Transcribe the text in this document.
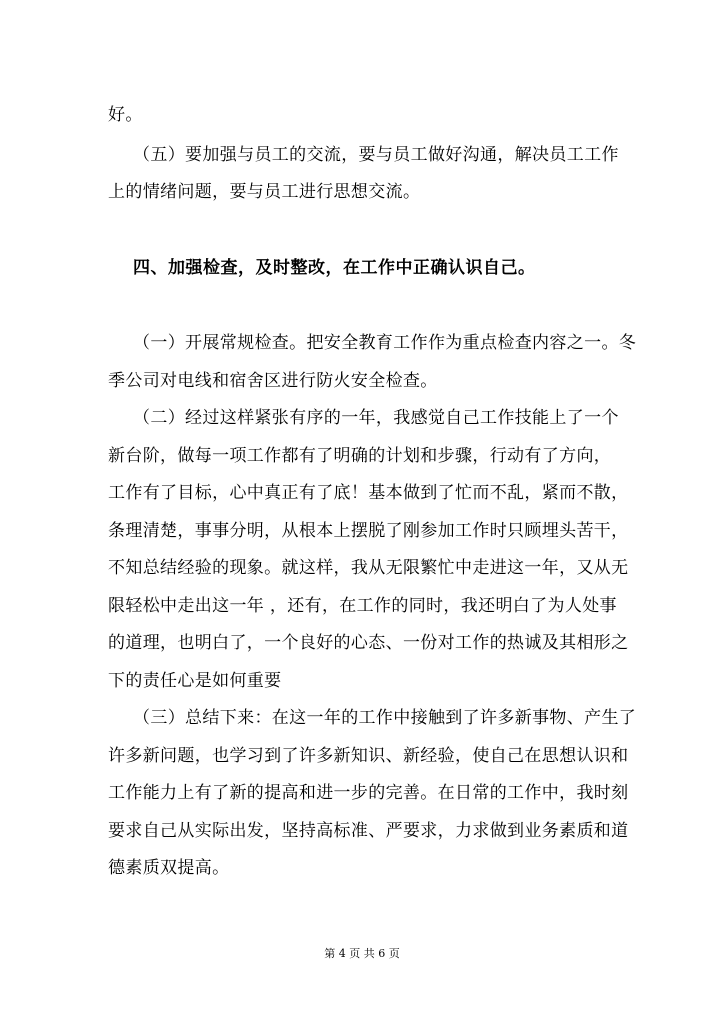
好。
（五）要加强与员工的交流，要与员工做好沟通，解决员工工作
上的情绪问题，要与员工进行思想交流。
四、加强检查，及时整改，在工作中正确认识自己。
（一）开展常规检查。把安全教育工作作为重点检查内容之一。冬
季公司对电线和宿舍区进行防火安全检查。
（二）经过这样紧张有序的一年，我感觉自己工作技能上了一个
新台阶，做每一项工作都有了明确的计划和步骤，行动有了方向，
工作有了目标，心中真正有了底！基本做到了忙而不乱，紧而不散，
条理清楚，事事分明，从根本上摆脱了刚参加工作时只顾埋头苦干，
不知总结经验的现象。就这样，我从无限繁忙中走进这一年，又从无
限轻松中走出这一年 ，还有，在工作的同时，我还明白了为人处事
的道理，也明白了，一个良好的心态、一份对工作的热诚及其相形之
下的责任心是如何重要
（三）总结下来：在这一年的工作中接触到了许多新事物、产生了
许多新问题，也学习到了许多新知识、新经验，使自己在思想认识和
工作能力上有了新的提高和进一步的完善。在日常的工作中，我时刻
要求自己从实际出发，坚持高标准、严要求，力求做到业务素质和道
德素质双提高。
第 4 页 共 6 页
